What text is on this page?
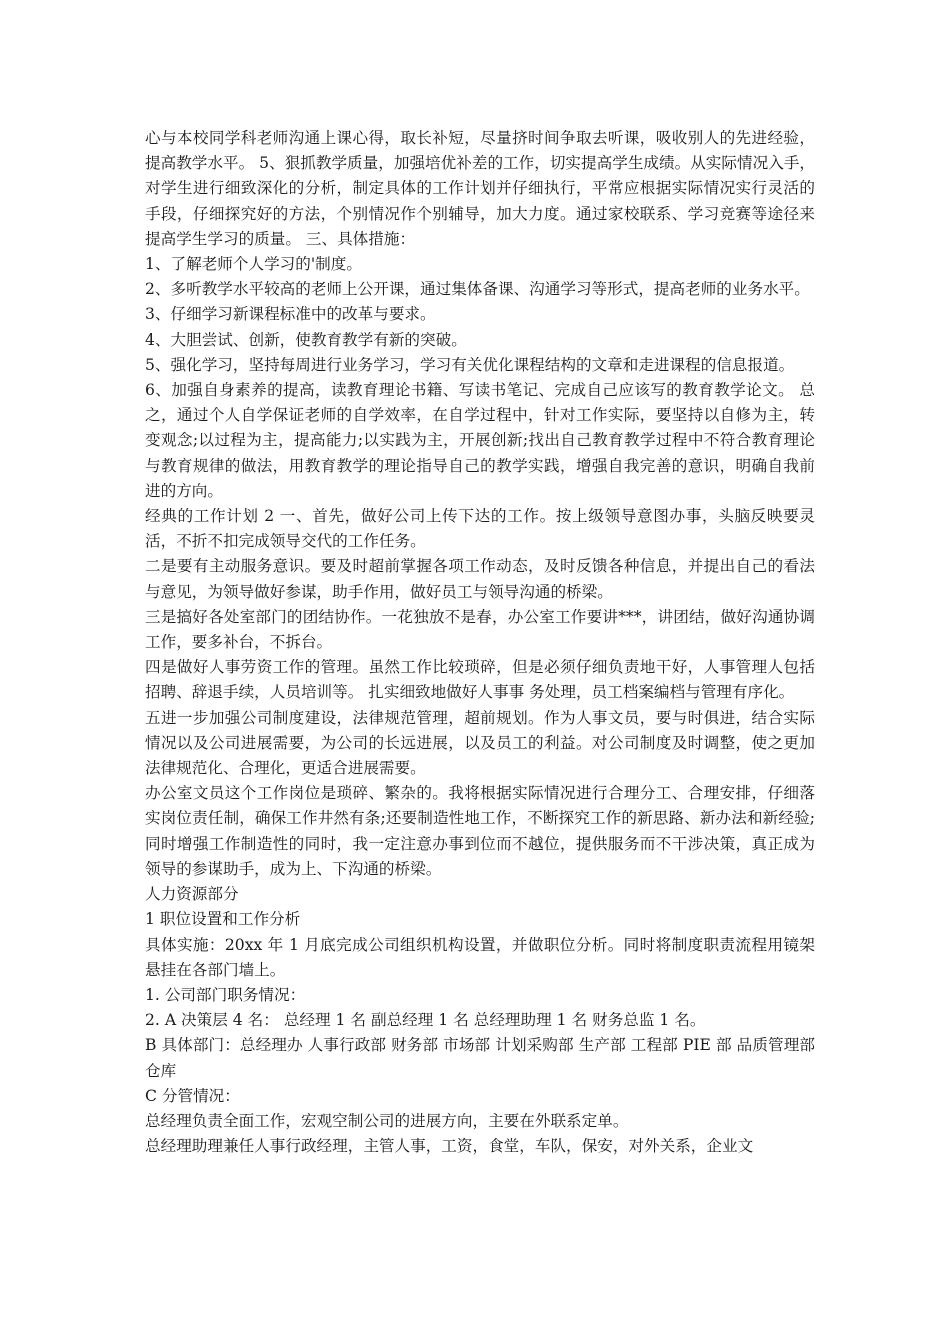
心与本校同学科老师沟通上课心得，取长补短，尽量挤时间争取去听课，吸收别人的先进经验，提高教学水平。 5、狠抓教学质量，加强培优补差的工作，切实提高学生成绩。从实际情况入手，对学生进行细致深化的分析，制定具体的工作计划并仔细执行，平常应根据实际情况实行灵活的手段，仔细探究好的方法，个别情况作个别辅导，加大力度。通过家校联系、学习竞赛等途径来提高学生学习的质量。 三、具体措施：

1、了解老师个人学习的'制度。

2、多听教学水平较高的老师上公开课，通过集体备课、沟通学习等形式，提高老师的业务水平。

3、仔细学习新课程标准中的改革与要求。

4、大胆尝试、创新，使教育教学有新的突破。

5、强化学习，坚持每周进行业务学习，学习有关优化课程结构的文章和走进课程的信息报道。

6、加强自身素养的提高，读教育理论书籍、写读书笔记、完成自己应该写的教育教学论文。 总之，通过个人自学保证老师的自学效率，在自学过程中，针对工作实际，要坚持以自修为主，转变观念;以过程为主，提高能力;以实践为主，开展创新;找出自己教育教学过程中不符合教育理论与教育规律的做法，用教育教学的理论指导自己的教学实践，增强自我完善的意识，明确自我前进的方向。

经典的工作计划 2 一、首先，做好公司上传下达的工作。按上级领导意图办事，头脑反映要灵活，不折不扣完成领导交代的工作任务。

二是要有主动服务意识。要及时超前掌握各项工作动态，及时反馈各种信息，并提出自己的看法与意见，为领导做好参谋，助手作用，做好员工与领导沟通的桥梁。

三是搞好各处室部门的团结协作。一花独放不是春，办公室工作要讲***，讲团结，做好沟通协调工作，要多补台，不拆台。

四是做好人事劳资工作的管理。虽然工作比较琐碎，但是必须仔细负责地干好，人事管理人包括招聘、辞退手续，人员培训等。 扎实细致地做好人事事 务处理，员工档案编档与管理有序化。

五进一步加强公司制度建设，法律规范管理，超前规划。作为人事文员，要与时俱进，结合实际情况以及公司进展需要，为公司的长远进展，以及员工的利益。对公司制度及时调整，使之更加法律规范化、合理化，更适合进展需要。

办公室文员这个工作岗位是琐碎、繁杂的。我将根据实际情况进行合理分工、合理安排，仔细落实岗位责任制，确保工作井然有条;还要制造性地工作，不断探究工作的新思路、新办法和新经验;同时增强工作制造性的同时，我一定注意办事到位而不越位，提供服务而不干涉决策，真正成为领导的参谋助手，成为上、下沟通的桥梁。

人力资源部分

1 职位设置和工作分析

具体实施：20xx 年 1 月底完成公司组织机构设置，并做职位分析。同时将制度职责流程用镜架悬挂在各部门墙上。

1. 公司部门职务情况：

2. A 决策层 4 名： 总经理 1 名 副总经理 1 名 总经理助理 1 名 财务总监 1 名。

B 具体部门：总经理办 人事行政部 财务部 市场部 计划采购部 生产部 工程部 PIE 部 品质管理部 仓库

C 分管情况：

总经理负责全面工作，宏观空制公司的进展方向，主要在外联系定单。

总经理助理兼任人事行政经理，主管人事，工资，食堂，车队，保安，对外关系，企业文
